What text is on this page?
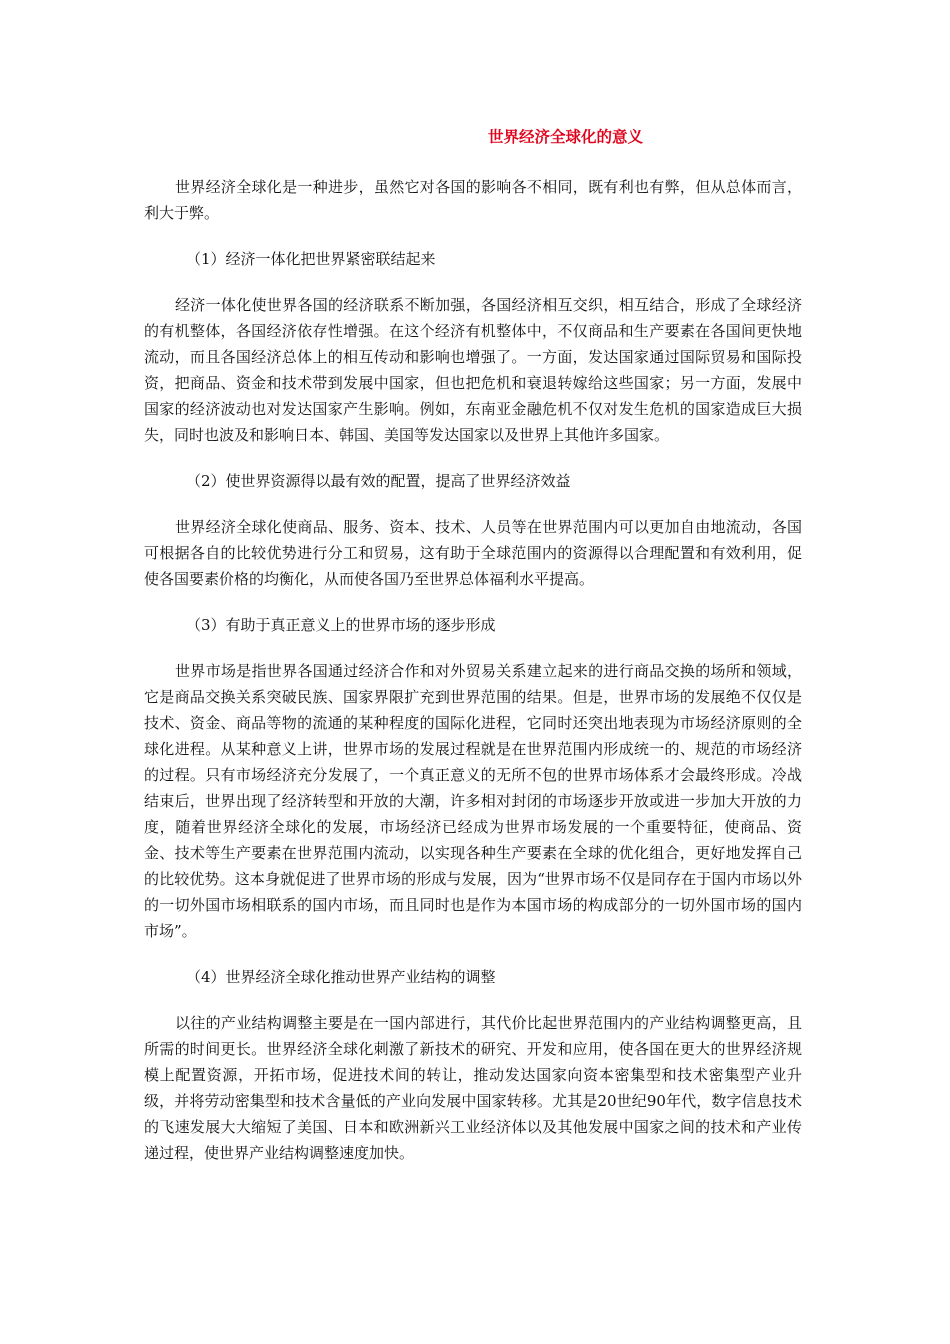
世界经济全球化的意义

世界经济全球化是一种进步，虽然它对各国的影响各不相同，既有利也有弊，但从总体而言，利大于弊。

（1）经济一体化把世界紧密联结起来

经济一体化使世界各国的经济联系不断加强，各国经济相互交织，相互结合，形成了全球经济的有机整体，各国经济依存性增强。在这个经济有机整体中，不仅商品和生产要素在各国间更快地流动，而且各国经济总体上的相互传动和影响也增强了。一方面，发达国家通过国际贸易和国际投资，把商品、资金和技术带到发展中国家，但也把危机和衰退转嫁给这些国家；另一方面，发展中国家的经济波动也对发达国家产生影响。例如，东南亚金融危机不仅对发生危机的国家造成巨大损失，同时也波及和影响日本、韩国、美国等发达国家以及世界上其他许多国家。

（2）使世界资源得以最有效的配置，提高了世界经济效益

世界经济全球化使商品、服务、资本、技术、人员等在世界范围内可以更加自由地流动，各国可根据各自的比较优势进行分工和贸易，这有助于全球范围内的资源得以合理配置和有效利用，促使各国要素价格的均衡化，从而使各国乃至世界总体福利水平提高。

（3）有助于真正意义上的世界市场的逐步形成

世界市场是指世界各国通过经济合作和对外贸易关系建立起来的进行商品交换的场所和领域，它是商品交换关系突破民族、国家界限扩充到世界范围的结果。但是，世界市场的发展绝不仅仅是技术、资金、商品等物的流通的某种程度的国际化进程，它同时还突出地表现为市场经济原则的全球化进程。从某种意义上讲，世界市场的发展过程就是在世界范围内形成统一的、规范的市场经济的过程。只有市场经济充分发展了，一个真正意义的无所不包的世界市场体系才会最终形成。冷战结束后，世界出现了经济转型和开放的大潮，许多相对封闭的市场逐步开放或进一步加大开放的力度，随着世界经济全球化的发展，市场经济已经成为世界市场发展的一个重要特征，使商品、资金、技术等生产要素在世界范围内流动，以实现各种生产要素在全球的优化组合，更好地发挥自己的比较优势。这本身就促进了世界市场的形成与发展，因为“世界市场不仅是同存在于国内市场以外的一切外国市场相联系的国内市场，而且同时也是作为本国市场的构成部分的一切外国市场的国内市场”。

（4）世界经济全球化推动世界产业结构的调整

以往的产业结构调整主要是在一国内部进行，其代价比起世界范围内的产业结构调整更高，且所需的时间更长。世界经济全球化刺激了新技术的研究、开发和应用，使各国在更大的世界经济规模上配置资源，开拓市场，促进技术间的转让，推动发达国家向资本密集型和技术密集型产业升级，并将劳动密集型和技术含量低的产业向发展中国家转移。尤其是20世纪90年代，数字信息技术的飞速发展大大缩短了美国、日本和欧洲新兴工业经济体以及其他发展中国家之间的技术和产业传递过程，使世界产业结构调整速度加快。
